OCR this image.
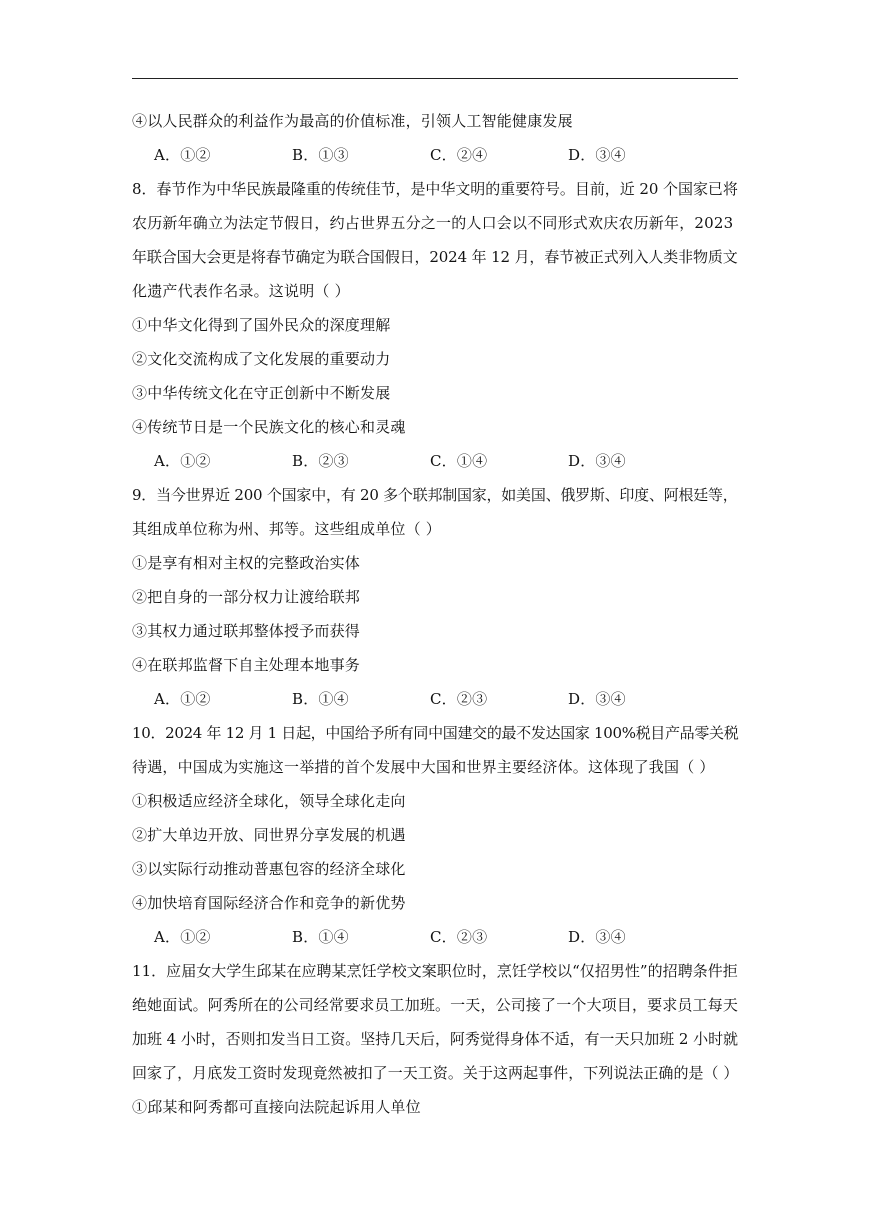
④以人民群众的利益作为最高的价值标准，引领人工智能健康发展
A．①②	B．①③	C．②④	D．③④
8．春节作为中华民族最隆重的传统佳节，是中华文明的重要符号。目前，近 20 个国家已将
农历新年确立为法定节假日，约占世界五分之一的人口会以不同形式欢庆农历新年，2023
年联合国大会更是将春节确定为联合国假日，2024 年 12 月，春节被正式列入人类非物质文
化遗产代表作名录。这说明（ ）
①中华文化得到了国外民众的深度理解
②文化交流构成了文化发展的重要动力
③中华传统文化在守正创新中不断发展
④传统节日是一个民族文化的核心和灵魂
A．①②	B．②③	C．①④	D．③④
9．当今世界近 200 个国家中，有 20 多个联邦制国家，如美国、俄罗斯、印度、阿根廷等，
其组成单位称为州、邦等。这些组成单位（ ）
①是享有相对主权的完整政治实体
②把自身的一部分权力让渡给联邦
③其权力通过联邦整体授予而获得
④在联邦监督下自主处理本地事务
A．①②	B．①④	C．②③	D．③④
10．2024 年 12 月 1 日起，中国给予所有同中国建交的最不发达国家 100%税目产品零关税
待遇，中国成为实施这一举措的首个发展中大国和世界主要经济体。这体现了我国（ ）
①积极适应经济全球化，领导全球化走向
②扩大单边开放、同世界分享发展的机遇
③以实际行动推动普惠包容的经济全球化
④加快培育国际经济合作和竞争的新优势
A．①②	B．①④	C．②③	D．③④
11．应届女大学生邱某在应聘某烹饪学校文案职位时，烹饪学校以“仅招男性”的招聘条件拒
绝她面试。阿秀所在的公司经常要求员工加班。一天，公司接了一个大项目，要求员工每天
加班 4 小时，否则扣发当日工资。坚持几天后，阿秀觉得身体不适，有一天只加班 2 小时就
回家了，月底发工资时发现竟然被扣了一天工资。关于这两起事件，下列说法正确的是（ ）
①邱某和阿秀都可直接向法院起诉用人单位
